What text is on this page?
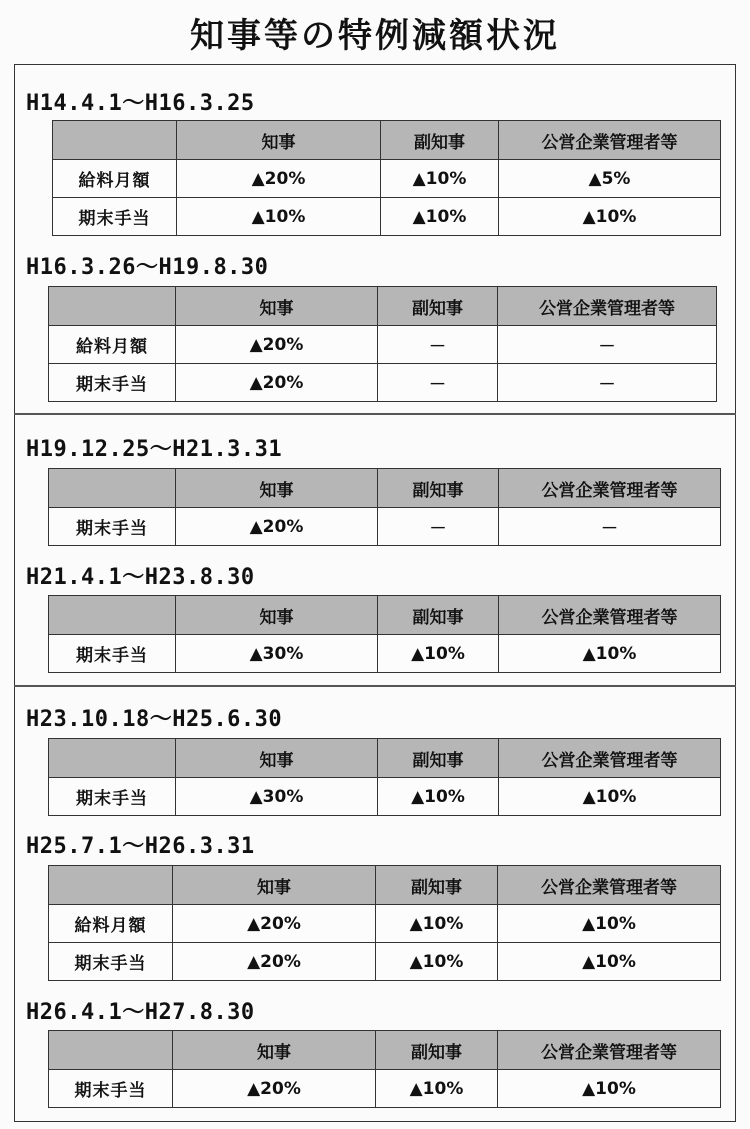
知事等の特例減額状況
H14.4.1～H16.3.25
	知事	副知事	公営企業管理者等
給料月額	▲20%	▲10%	▲5%
期末手当	▲10%	▲10%	▲10%
H16.3.26～H19.8.30
	知事	副知事	公営企業管理者等
給料月額	▲20%	－	－
期末手当	▲20%	－	－
H19.12.25～H21.3.31
	知事	副知事	公営企業管理者等
期末手当	▲20%	－	－
H21.4.1～H23.8.30
	知事	副知事	公営企業管理者等
期末手当	▲30%	▲10%	▲10%
H23.10.18～H25.6.30
	知事	副知事	公営企業管理者等
期末手当	▲30%	▲10%	▲10%
H25.7.1～H26.3.31
	知事	副知事	公営企業管理者等
給料月額	▲20%	▲10%	▲10%
期末手当	▲20%	▲10%	▲10%
H26.4.1～H27.8.30
	知事	副知事	公営企業管理者等
期末手当	▲20%	▲10%	▲10%
